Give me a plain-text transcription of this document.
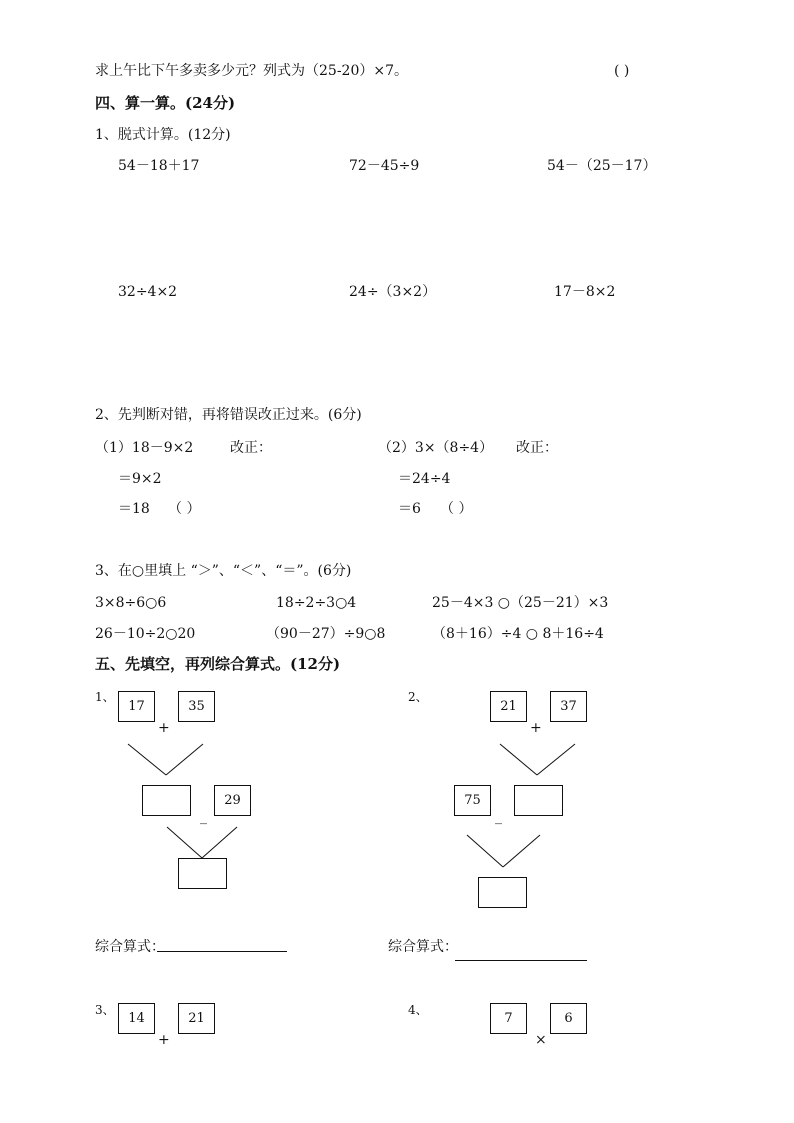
求上午比下午多卖多少元？列式为（25-20）×7。	( )
四、算一算。(24分)
1、脱式计算。(12分)
54－18＋17	72－45÷9	54－（25－17）
32÷4×2	24÷（3×2）	17－8×2
2、先判断对错，再将错误改正过来。(6分)
（1）18－9×2	改正：
＝9×2
＝18 （ ）
（2）3×（8÷4） 改正：
＝24÷4
＝6 （ ）
3、在○里填上 “＞”、“＜”、“＝”。(6分)
3×8÷6○6	18÷2÷3○4	25－4×3 ○（25－21）×3
26－10÷2○20	（90－27）÷9○8	（8＋16）÷4 ○ 8＋16÷4
五、先填空，再列综合算式。(12分)
1、
17	35
+
29
_
2、
21	37
+
75
_
综合算式：	综合算式：
3、
14	21
+
4、
7	6
×
